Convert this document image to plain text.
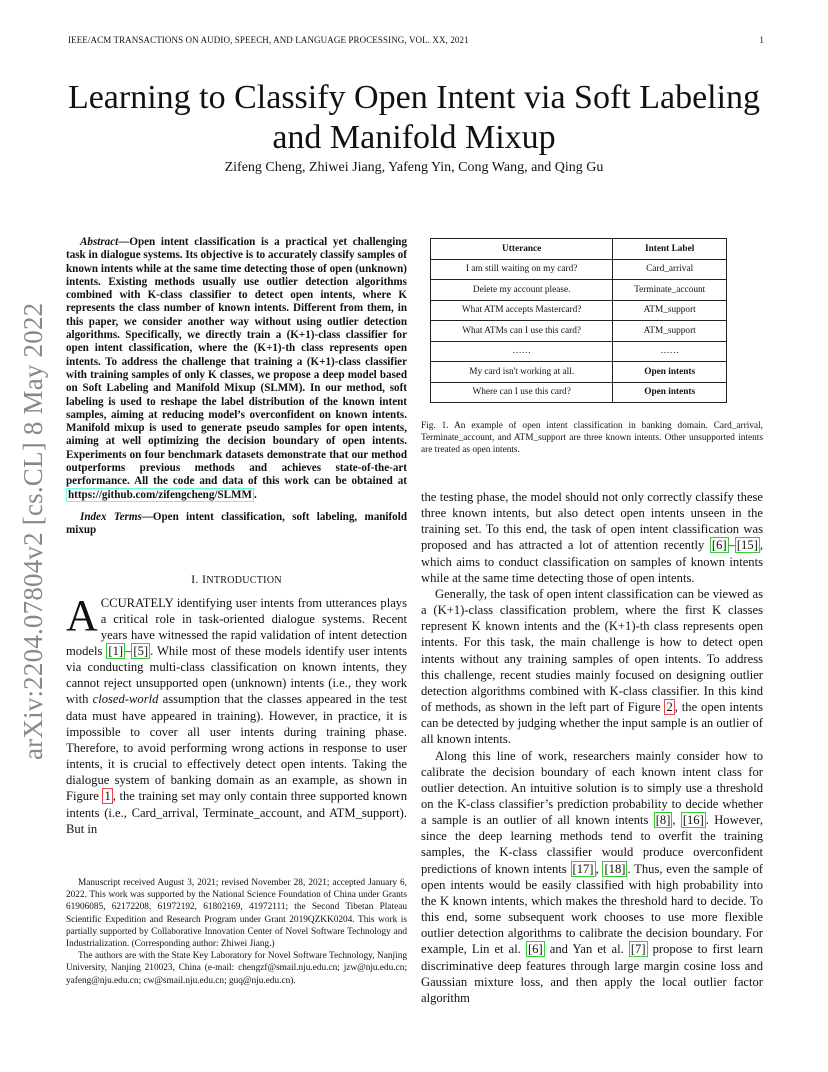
IEEE/ACM TRANSACTIONS ON AUDIO, SPEECH, AND LANGUAGE PROCESSING, VOL. XX, 2021	1
Learning to Classify Open Intent via Soft Labeling
and Manifold Mixup
Zifeng Cheng, Zhiwei Jiang, Yafeng Yin, Cong Wang, and Qing Gu
arXiv:2204.07804v2 [cs.CL] 8 May 2022

Abstract—Open intent classification is a practical yet challenging task in dialogue systems. Its objective is to accurately classify samples of known intents while at the same time detecting those of open (unknown) intents. Existing methods usually use outlier detection algorithms combined with K-class classifier to detect open intents, where K represents the class number of known intents. Different from them, in this paper, we consider another way without using outlier detection algorithms. Specifically, we directly train a (K+1)-class classifier for open intent classification, where the (K+1)-th class represents open intents. To address the challenge that training a (K+1)-class classifier with training samples of only K classes, we propose a deep model based on Soft Labeling and Manifold Mixup (SLMM). In our method, soft labeling is used to reshape the label distribution of the known intent samples, aiming at reducing model’s overconfident on known intents. Manifold mixup is used to generate pseudo samples for open intents, aiming at well optimizing the decision boundary of open intents. Experiments on four benchmark datasets demonstrate that our method outperforms previous methods and achieves state-of-the-art performance. All the code and data of this work can be obtained at https://github.com/zifengcheng/SLMM .

Index Terms—Open intent classification, soft labeling, manifold mixup

I. INTRODUCTION

ACCURATELY identifying user intents from utterances plays a critical role in task-oriented dialogue systems. Recent years have witnessed the rapid validation of intent detection models [1] – [5] . While most of these models identify user intents via conducting multi-class classification on known intents, they cannot reject unsupported open (unknown) intents (i.e., they work with closed-world assumption that the classes appeared in the test data must have appeared in training). However, in practice, it is impossible to cover all user intents during training phase. Therefore, to avoid performing wrong actions in response to user intents, it is crucial to effectively detect open intents. Taking the dialogue system of banking domain as an example, as shown in Figure 1 , the training set may only contain three supported known intents (i.e., Card_arrival, Terminate_account, and ATM_support). But in

Manuscript received August 3, 2021; revised November 28, 2021; accepted January 6, 2022. This work was supported by the National Science Foundation of China under Grants 61906085, 62172208, 61972192, 61802169, 41972111; the Second Tibetan Plateau Scientific Expedition and Research Program under Grant 2019QZKK0204. This work is partially supported by Collaborative Innovation Center of Novel Software Technology and Industrialization. (Corresponding author: Zhiwei Jiang.)

The authors are with the State Key Laboratory for Novel Software Technology, Nanjing University, Nanjing 210023, China (e-mail: chengzf@smail.nju.edu.cn; jzw@nju.edu.cn; yafeng@nju.edu.cn; cw@smail.nju.edu.cn; guq@nju.edu.cn).

Utterance	Intent Label
I am still waiting on my card?	Card_arrival
Delete my account please.	Terminate_account
What ATM accepts Mastercard?	ATM_support
What ATMs can I use this card?	ATM_support
……	……
My card isn't working at all.	Open intents
Where can I use this card?	Open intents
Fig. 1. An example of open intent classification in banking domain. Card_arrival, Terminate_account, and ATM_support are three known intents. Other unsupported intents are treated as open intents.

the testing phase, the model should not only correctly classify these three known intents, but also detect open intents unseen in the training set. To this end, the task of open intent classification was proposed and has attracted a lot of attention recently [6] – [15] , which aims to conduct classification on samples of known intents while at the same time detecting those of open intents.

Generally, the task of open intent classification can be viewed as a (K+1)-class classification problem, where the first K classes represent K known intents and the (K+1)-th class represents open intents. For this task, the main challenge is how to detect open intents without any training samples of open intents. To address this challenge, recent studies mainly focused on designing outlier detection algorithms combined with K-class classifier. In this kind of methods, as shown in the left part of Figure 2 , the open intents can be detected by judging whether the input sample is an outlier of all known intents.

Along this line of work, researchers mainly consider how to calibrate the decision boundary of each known intent class for outlier detection. An intuitive solution is to simply use a threshold on the K-class classifier’s prediction probability to decide whether a sample is an outlier of all known intents [8] , [16] . However, since the deep learning methods tend to overfit the training samples, the K-class classifier would produce overconfident predictions of known intents [17] , [18] . Thus, even the sample of open intents would be easily classified with high probability into the K known intents, which makes the threshold hard to decide. To this end, some subsequent work chooses to use more flexible outlier detection algorithms to calibrate the decision boundary. For example, Lin et al. [6] and Yan et al. [7] propose to first learn discriminative deep features through large margin cosine loss and Gaussian mixture loss, and then apply the local outlier factor algorithm
